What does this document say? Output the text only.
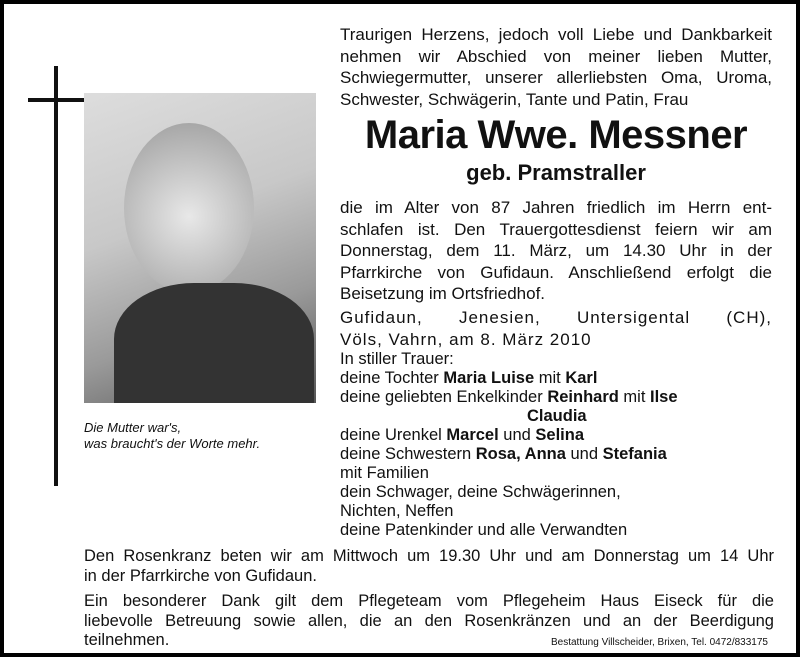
Die Mutter war's,
was braucht's der Worte mehr.
Traurigen Herzens, jedoch voll Liebe und Dankbarkeit
nehmen wir Abschied von meiner lieben Mutter,
Schwiegermutter, unserer allerliebsten Oma, Uroma,
Schwester, Schwägerin, Tante und Patin, Frau
Maria Wwe. Messner
geb. Pramstraller
die im Alter von 87 Jahren friedlich im Herrn ent-
schlafen ist. Den Trauergottesdienst feiern wir am
Donnerstag, dem 11. März, um 14.30 Uhr in der
Pfarrkirche von Gufidaun. Anschließend erfolgt die
Beisetzung im Ortsfriedhof.
Gufidaun, Jenesien, Untersigental (CH),
Völs, Vahrn, am 8. März 2010
In stiller Trauer:
deine Tochter Maria Luise mit Karl
deine geliebten Enkelkinder Reinhard mit Ilse
Claudia
deine Urenkel Marcel und Selina
deine Schwestern Rosa, Anna und Stefania
mit Familien
dein Schwager, deine Schwägerinnen,
Nichten, Neffen
deine Patenkinder und alle Verwandten
Den Rosenkranz beten wir am Mittwoch um 19.30 Uhr und am Donnerstag um 14 Uhr
in der Pfarrkirche von Gufidaun.
Ein besonderer Dank gilt dem Pflegeteam vom Pflegeheim Haus Eiseck für die
liebevolle Betreuung sowie allen, die an den Rosenkränzen und an der Beerdigung
teilnehmen.	Bestattung Villscheider, Brixen, Tel. 0472/833175
